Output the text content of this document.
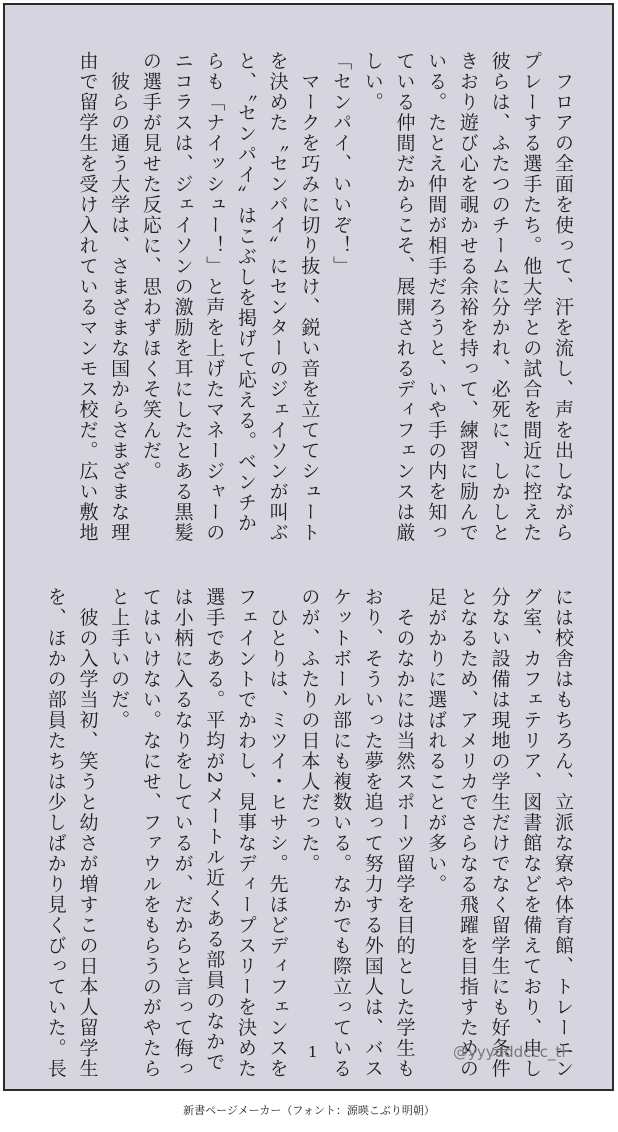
　フロアの全面を使って、汗を流し、声を出しながら

プレーする選手たち。他大学との試合を間近に控えた

彼らは、ふたつのチームに分かれ、必死に、しかしと

きおり遊び心を覗かせる余裕を持って、練習に励んで

いる。たとえ仲間が相手だろうと、いや手の内を知っ

ている仲間だからこそ、展開されるディフェンスは厳

しい。

「センパイ、いいぞ！」

　マークを巧みに切り抜け、鋭い音を立ててシュート

を決めた〝センパイ〟にセンターのジェイソンが叫ぶ

と、〝センパイ〟はこぶしを掲げて応える。ベンチか

らも「ナイッシュー！」と声を上げたマネージャーの

ニコラスは、ジェイソンの激励を耳にしたとある黒髪

の選手が見せた反応に、思わずほくそ笑んだ。

　彼らの通う大学は、さまざまな国からさまざまな理

由で留学生を受け入れているマンモス校だ。広い敷地

には校舎はもちろん、立派な寮や体育館、トレーニン

グ室、カフェテリア、図書館などを備えており、申し

分ない設備は現地の学生だけでなく留学生にも好条件

となるため、アメリカでさらなる飛躍を目指すための

足がかりに選ばれることが多い。

　そのなかには当然スポーツ留学を目的とした学生も

おり、そういった夢を追って努力する外国人は、バス

ケットボール部にも複数いる。なかでも際立っている

のが、ふたりの日本人だった。

　ひとりは、ミツイ・ヒサシ。先ほどディフェンスを

フェイントでかわし、見事なディープスリーを決めた

選手である。平均が2メートル近くある部員のなかで

は小柄に入るなりをしているが、だからと言って侮っ

てはいけない。なにせ、ファウルをもらうのがやたら

と上手いのだ。

　彼の入学当初、笑うと幼さが増すこの日本人留学生

を、ほかの部員たちは少しばかり見くびっていた。長	1	@yyydddccc_tl
新書ページメーカー（フォント：源暎こぶり明朝）
